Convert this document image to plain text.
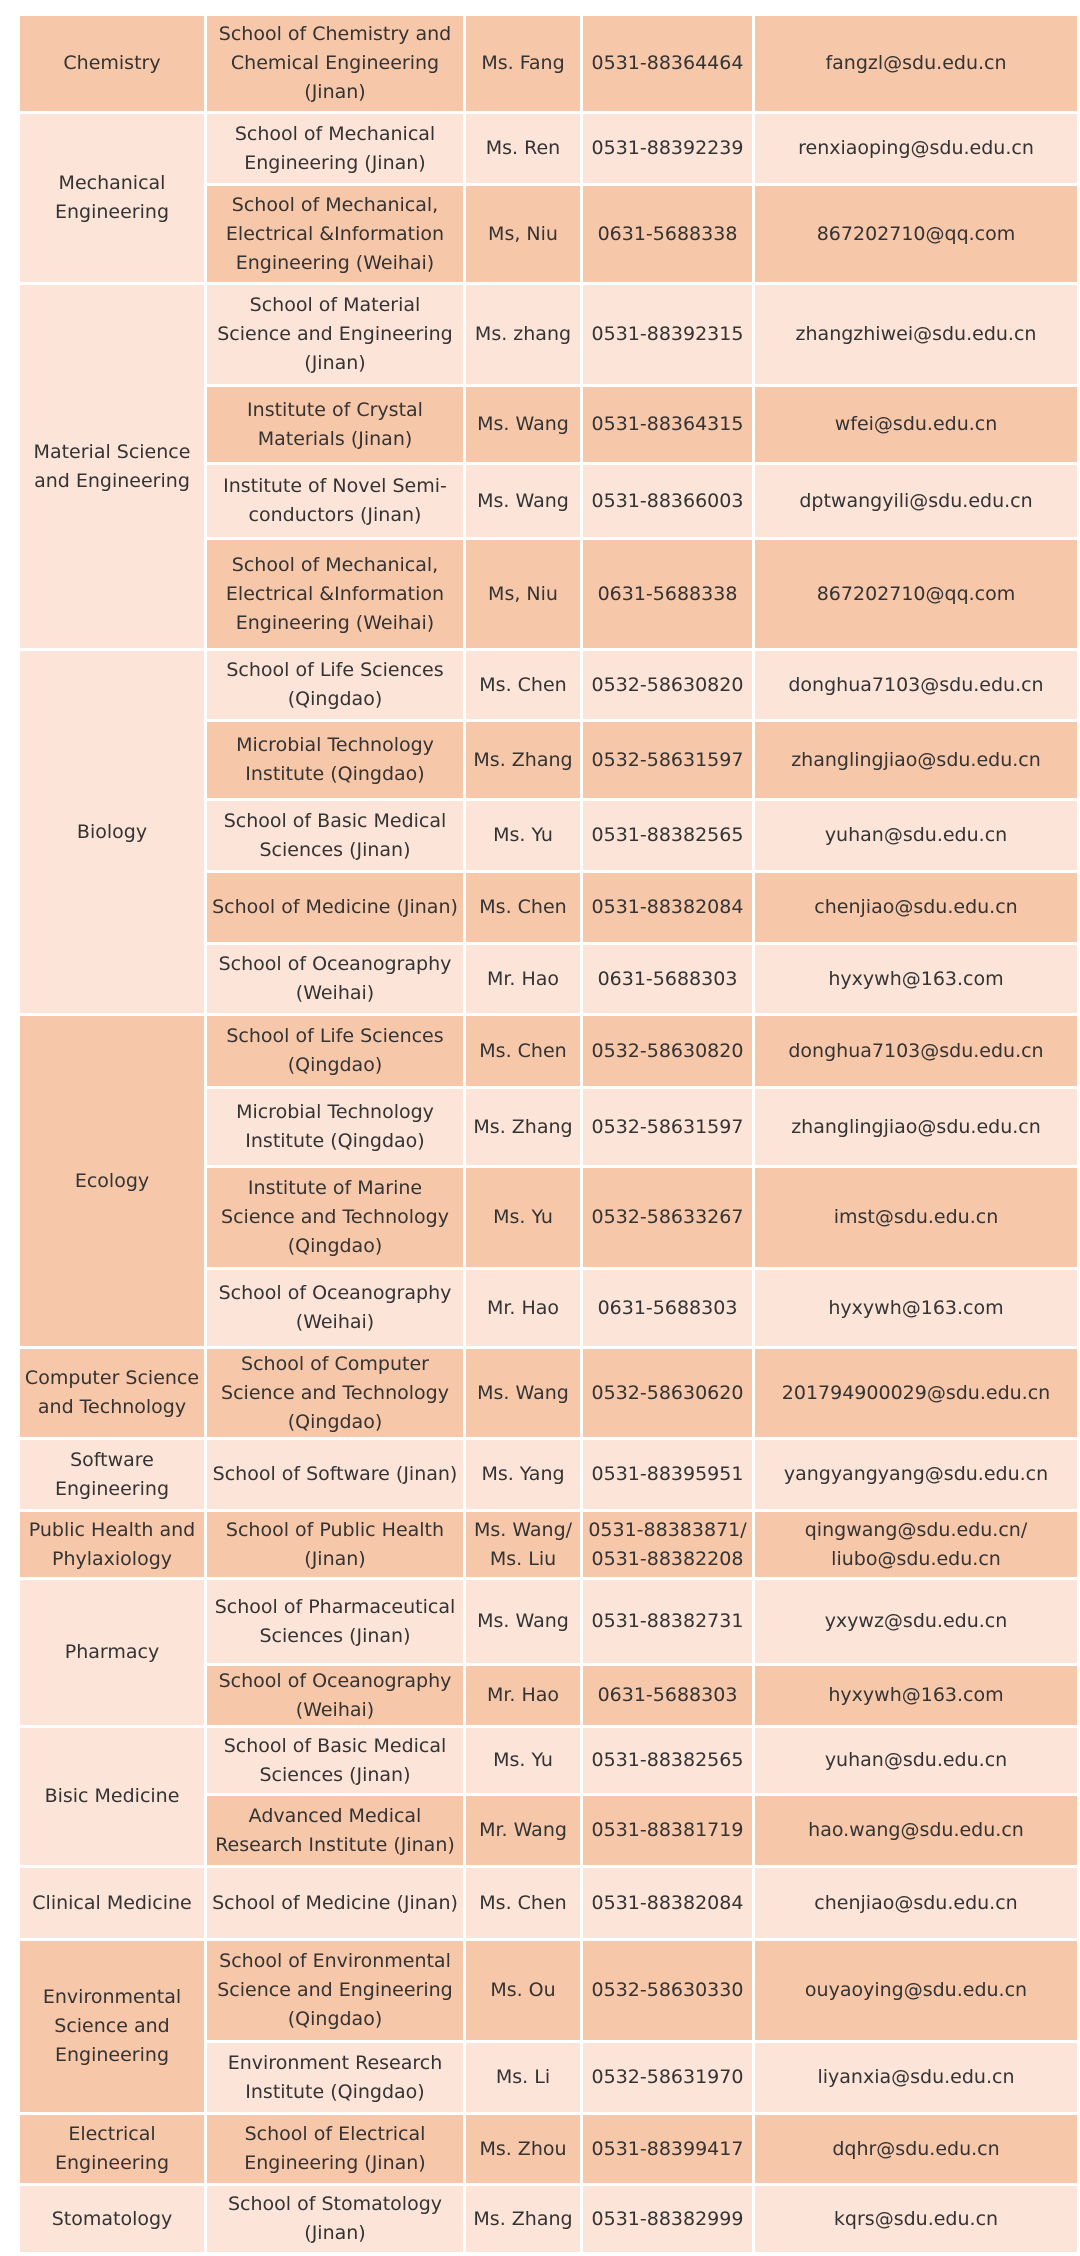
Chemistry	School of Chemistry and Chemical Engineering (Jinan)	Ms. Fang	0531-88364464	fangzl@sdu.edu.cn
Mechanical Engineering	School of Mechanical Engineering (Jinan)	Ms. Ren	0531-88392239	renxiaoping@sdu.edu.cn
	School of Mechanical, Electrical &Information Engineering (Weihai)	Ms, Niu	0631-5688338	867202710@qq.com
Material Science and Engineering	School of Material Science and Engineering (Jinan)	Ms. zhang	0531-88392315	zhangzhiwei@sdu.edu.cn
	Institute of Crystal Materials (Jinan)	Ms. Wang	0531-88364315	wfei@sdu.edu.cn
	Institute of Novel Semi-conductors (Jinan)	Ms. Wang	0531-88366003	dptwangyili@sdu.edu.cn
	School of Mechanical, Electrical &Information Engineering (Weihai)	Ms, Niu	0631-5688338	867202710@qq.com
Biology	School of Life Sciences (Qingdao)	Ms. Chen	0532-58630820	donghua7103@sdu.edu.cn
	Microbial Technology Institute (Qingdao)	Ms. Zhang	0532-58631597	zhanglingjiao@sdu.edu.cn
	School of Basic Medical Sciences (Jinan)	Ms. Yu	0531-88382565	yuhan@sdu.edu.cn
	School of Medicine (Jinan)	Ms. Chen	0531-88382084	chenjiao@sdu.edu.cn
	School of Oceanography (Weihai)	Mr. Hao	0631-5688303	hyxywh@163.com
Ecology	School of Life Sciences (Qingdao)	Ms. Chen	0532-58630820	donghua7103@sdu.edu.cn
	Microbial Technology Institute (Qingdao)	Ms. Zhang	0532-58631597	zhanglingjiao@sdu.edu.cn
	Institute of Marine Science and Technology (Qingdao)	Ms. Yu	0532-58633267	imst@sdu.edu.cn
	School of Oceanography (Weihai)	Mr. Hao	0631-5688303	hyxywh@163.com
Computer Science and Technology	School of Computer Science and Technology (Qingdao)	Ms. Wang	0532-58630620	201794900029@sdu.edu.cn
Software Engineering	School of Software (Jinan)	Ms. Yang	0531-88395951	yangyangyang@sdu.edu.cn
Public Health and Phylaxiology	School of Public Health (Jinan)	Ms. Wang/ Ms. Liu	0531-88383871/ 0531-88382208	qingwang@sdu.edu.cn/ liubo@sdu.edu.cn
Pharmacy	School of Pharmaceutical Sciences (Jinan)	Ms. Wang	0531-88382731	yxywz@sdu.edu.cn
	School of Oceanography (Weihai)	Mr. Hao	0631-5688303	hyxywh@163.com
Bisic Medicine	School of Basic Medical Sciences (Jinan)	Ms. Yu	0531-88382565	yuhan@sdu.edu.cn
	Advanced Medical Research Institute (Jinan)	Mr. Wang	0531-88381719	hao.wang@sdu.edu.cn
Clinical Medicine	School of Medicine (Jinan)	Ms. Chen	0531-88382084	chenjiao@sdu.edu.cn
Environmental Science and Engineering	School of Environmental Science and Engineering (Qingdao)	Ms. Ou	0532-58630330	ouyaoying@sdu.edu.cn
	Environment Research Institute (Qingdao)	Ms. Li	0532-58631970	liyanxia@sdu.edu.cn
Electrical Engineering	School of Electrical Engineering (Jinan)	Ms. Zhou	0531-88399417	dqhr@sdu.edu.cn
Stomatology	School of Stomatology (Jinan)	Ms. Zhang	0531-88382999	kqrs@sdu.edu.cn
